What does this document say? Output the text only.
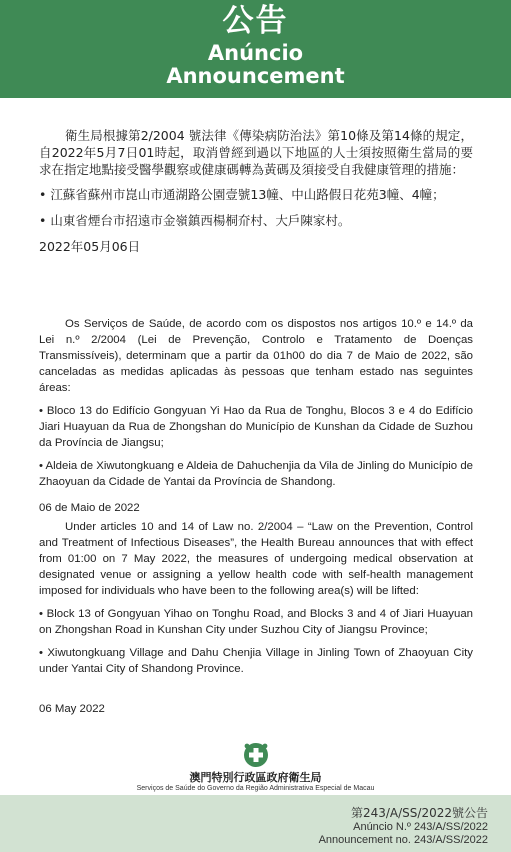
公告
Anúncio
Announcement

衛生局根據第2/2004 號法律《傳染病防治法》第10條及第14條的規定，自2022年5月7日01時起，取消曾經到過以下地區的人士須按照衛生當局的要求在指定地點接受醫學觀察或健康碼轉為黃碼及須接受自我健康管理的措施：

• 江蘇省蘇州市崑山市通湖路公園壹號13幢、中山路假日花苑3幢、4幢；

• 山東省煙台市招遠市金嶺鎮西楊桐夼村、大戶陳家村。

2022年05月06日

Os Serviços de Saúde, de acordo com os dispostos nos artigos 10.º e 14.º da Lei n.º 2/2004 (Lei de Prevenção, Controlo e Tratamento de Doenças Transmissíveis), determinam que a partir da 01h00 do dia 7 de Maio de 2022, são canceladas as medidas aplicadas às pessoas que tenham estado nas seguintes áreas:

• Bloco 13 do Edifício Gongyuan Yi Hao da Rua de Tonghu, Blocos 3 e 4 do Edifício Jiari Huayuan da Rua de Zhongshan do Município de Kunshan da Cidade de Suzhou da Província de Jiangsu;

• Aldeia de Xiwutongkuang e Aldeia de Dahuchenjia da Vila de Jinling do Município de Zhaoyuan da Cidade de Yantai da Província de Shandong.

06 de Maio de 2022

Under articles 10 and 14 of Law no. 2/2004 – “Law on the Prevention, Control and Treatment of Infectious Diseases”, the Health Bureau announces that with effect from 01:00 on 7 May 2022, the measures of undergoing medical observation at designated venue or assigning a yellow health code with self-health management imposed for individuals who have been to the following area(s) will be lifted:

• Block 13 of Gongyuan Yihao on Tonghu Road, and Blocks 3 and 4 of Jiari Huayuan on Zhongshan Road in Kunshan City under Suzhou City of Jiangsu Province;

• Xiwutongkuang Village and Dahu Chenjia Village in Jinling Town of Zhaoyuan City under Yantai City of Shandong Province.

06 May 2022

澳門特別行政區政府衛生局
Serviços de Saúde do Governo da Região Administrativa Especial de Macau
第243/A/SS/2022號公告
Anúncio N.º 243/A/SS/2022
Announcement no. 243/A/SS/2022
